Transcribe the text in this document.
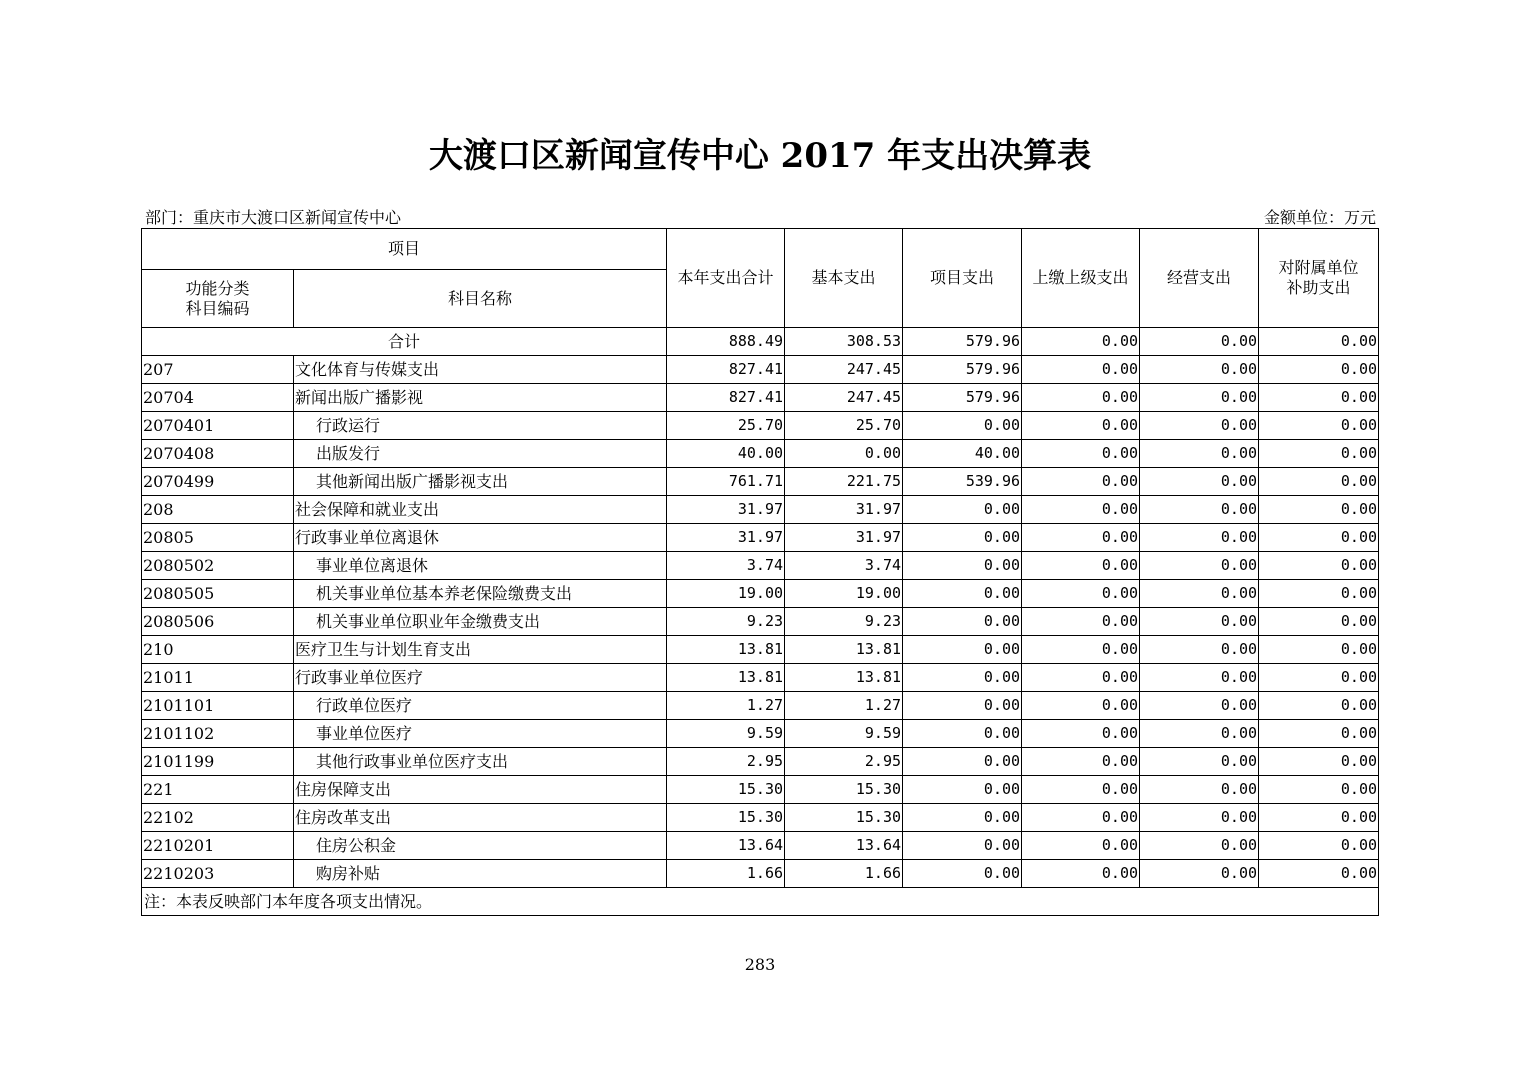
大渡口区新闻宣传中心 2017 年支出决算表
部门：重庆市大渡口区新闻宣传中心	金额单位：万元
项目		本年支出合计	基本支出	项目支出	上缴上级支出	经营支出	对附属单位
补助支出
功能分类
科目编码	科目名称						
合计		888.49	308.53	579.96	0.00	0.00	0.00
207	文化体育与传媒支出	827.41	247.45	579.96	0.00	0.00	0.00
20704	新闻出版广播影视	827.41	247.45	579.96	0.00	0.00	0.00
2070401	行政运行	25.70	25.70	0.00	0.00	0.00	0.00
2070408	出版发行	40.00	0.00	40.00	0.00	0.00	0.00
2070499	其他新闻出版广播影视支出	761.71	221.75	539.96	0.00	0.00	0.00
208	社会保障和就业支出	31.97	31.97	0.00	0.00	0.00	0.00
20805	行政事业单位离退休	31.97	31.97	0.00	0.00	0.00	0.00
2080502	事业单位离退休	3.74	3.74	0.00	0.00	0.00	0.00
2080505	机关事业单位基本养老保险缴费支出	19.00	19.00	0.00	0.00	0.00	0.00
2080506	机关事业单位职业年金缴费支出	9.23	9.23	0.00	0.00	0.00	0.00
210	医疗卫生与计划生育支出	13.81	13.81	0.00	0.00	0.00	0.00
21011	行政事业单位医疗	13.81	13.81	0.00	0.00	0.00	0.00
2101101	行政单位医疗	1.27	1.27	0.00	0.00	0.00	0.00
2101102	事业单位医疗	9.59	9.59	0.00	0.00	0.00	0.00
2101199	其他行政事业单位医疗支出	2.95	2.95	0.00	0.00	0.00	0.00
221	住房保障支出	15.30	15.30	0.00	0.00	0.00	0.00
22102	住房改革支出	15.30	15.30	0.00	0.00	0.00	0.00
2210201	住房公积金	13.64	13.64	0.00	0.00	0.00	0.00
2210203	购房补贴	1.66	1.66	0.00	0.00	0.00	0.00
注：本表反映部门本年度各项支出情况。							
283
